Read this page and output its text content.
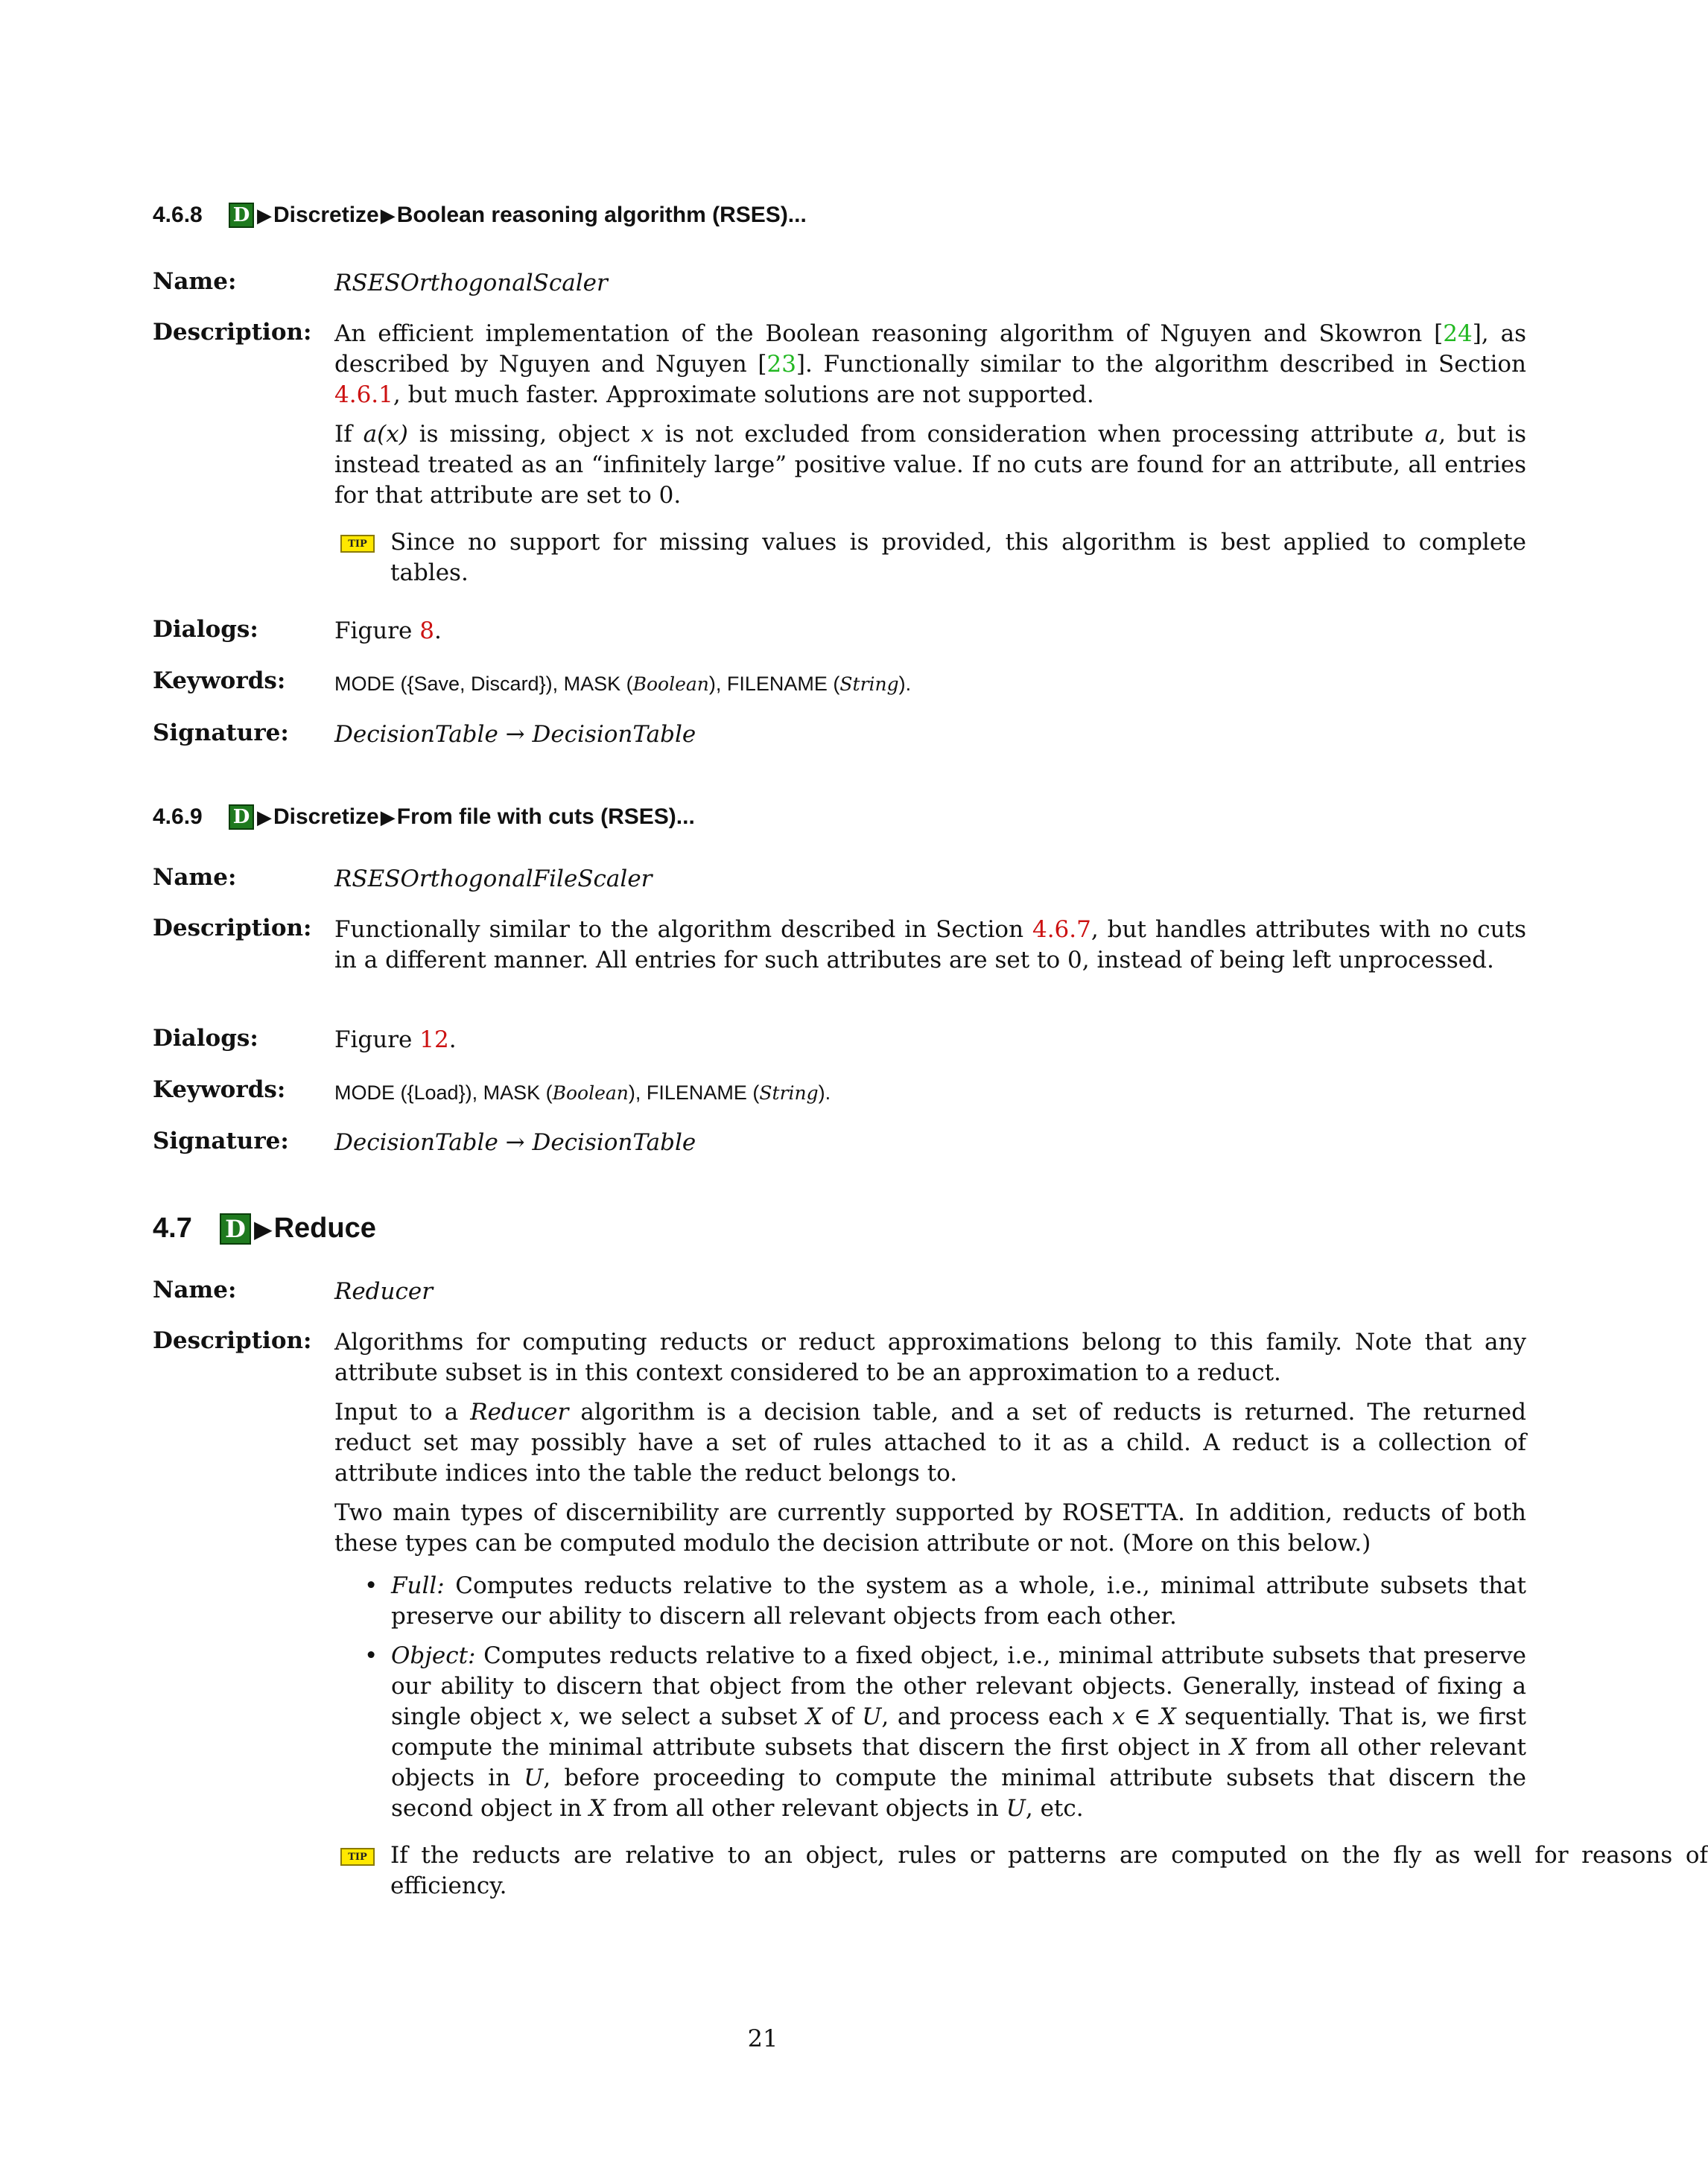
4.6.8	D ▶ Discretize ▶ Boolean reasoning algorithm (RSES)...
Name:	RSESOrthogonalScaler
Description: An efficient implementation of the Boolean reasoning algorithm of Nguyen and Skowron [24], as described by Nguyen and Nguyen [23]. Functionally similar to the algorithm described in Section 4.6.1, but much faster. Approximate solutions are not supported.

If a(x) is missing, object x is not excluded from consideration when processing attribute a, but is instead treated as an “infinitely large” positive value. If no cuts are found for an attribute, all entries for that attribute are set to 0.

TIP	Since no support for missing values is provided, this algorithm is best applied to complete tables.
Dialogs:	Figure 8.
Keywords: MODE ({Save, Discard}), MASK (Boolean), FILENAME (String).
Signature: DecisionTable → DecisionTable
4.6.9	D ▶ Discretize ▶ From file with cuts (RSES)...
Name:	RSESOrthogonalFileScaler
Description: Functionally similar to the algorithm described in Section 4.6.7, but handles attributes with no cuts in a different manner. All entries for such attributes are set to 0, instead of being left unprocessed.

Dialogs:	Figure 12.
Keywords: MODE ({Load}), MASK (Boolean), FILENAME (String).
Signature: DecisionTable → DecisionTable
4.7	D ▶ Reduce
Name:	Reducer
Description: Algorithms for computing reducts or reduct approximations belong to this family. Note that any attribute subset is in this context considered to be an approximation to a reduct.

Input to a Reducer algorithm is a decision table, and a set of reducts is returned. The returned reduct set may possibly have a set of rules attached to it as a child. A reduct is a collection of attribute indices into the table the reduct belongs to.

Two main types of discernibility are currently supported by ROSETTA. In addition, reducts of both these types can be computed modulo the decision attribute or not. (More on this below.)

• Full: Computes reducts relative to the system as a whole, i.e., minimal attribute subsets that preserve our ability to discern all relevant objects from each other.
• Object: Computes reducts relative to a fixed object, i.e., minimal attribute subsets that preserve our ability to discern that object from the other relevant objects. Generally, instead of fixing a single object x, we select a subset X of U, and process each x ∈ X sequentially. That is, we first compute the minimal attribute subsets that discern the first object in X from all other relevant objects in U, before proceeding to compute the minimal attribute subsets that discern the second object in X from all other relevant objects in U, etc.
TIP	If the reducts are relative to an object, rules or patterns are computed on the fly as well for reasons of efficiency.
21
